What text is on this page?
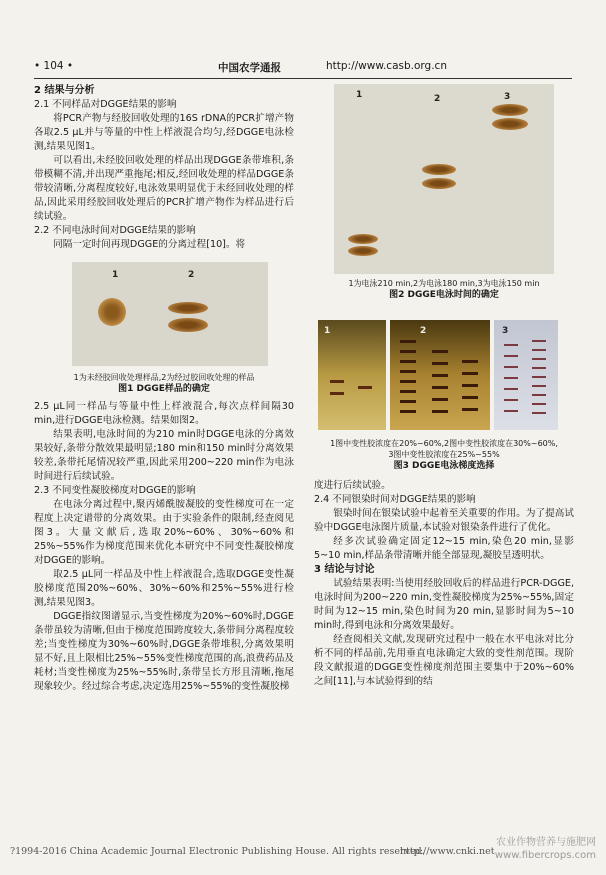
• 104 •	中国农学通报	http://www.casb.org.cn

2 结果与分析

2.1 不同样品对DGGE结果的影响

将PCR产物与经胶回收处理的16S rDNA的PCR扩增产物各取2.5 μL并与等量的中性上样液混合均匀,经DGGE电泳检测,结果见图1。

可以看出,未经胶回收处理的样品出现DGGE条带堆积,条带模糊不清,并出现严重拖尾;相反,经回收处理的样品DGGE条带较清晰,分离程度较好,电泳效果明显优于未经回收处理的样品,因此采用经胶回收处理后的PCR扩增产物作为样品进行后续试验。

2.2 不同电泳时间对DGGE结果的影响

同隔一定时间再现DGGE的分离过程[10]。将

1	2
1为未经胶回收处理样品,2为经过胶回收处理的样品
图1 DGGE样品的确定

2.5 μL同一样品与等量中性上样液混合,每次点样间隔30 min,进行DGGE电泳检测。结果如图2。

结果表明,电泳时间的为210 min时DGGE电泳的分离效果较好,条带分散效果最明显;180 min和150 min时分离效果较差,条带托尾情况较严重,因此采用200~220 min作为电泳时间进行后续试验。

2.3 不同变性凝胶梯度对DGGE的影响

在电泳分离过程中,聚丙烯酰胺凝胶的变性梯度可在一定程度上决定谱带的分离效果。由于实验条件的限制,经查阅见图3。大量文献后,选取20%~60%、30%~60%和25%~55%作为梯度范围来优化本研究中不同变性凝胶梯度对DGGE的影响。

取2.5 μL同一样品及中性上样液混合,选取DGGE变性凝胶梯度范围20%~60%、30%~60%和25%~55%进行检测,结果见图3。

DGGE指纹图谱显示,当变性梯度为20%~60%时,DGGE条带虽较为清晰,但由于梯度范围跨度较大,条带间分离程度较差;当变性梯度为30%~60%时,DGGE条带堆积,分离效果明显不好,且上限相比25%~55%变性梯度范围的高,浪费药品及耗材;当变性梯度为25%~55%时,条带呈长方形且清晰,拖尾现象较少。经过综合考虑,决定选用25%~55%的变性凝胶梯

1	2	3
1为电泳210 min,2为电泳180 min,3为电泳150 min
图2 DGGE电泳时间的确定
1	2	3
1图中变性胶浓度在20%~60%,2图中变性胶浓度在30%~60%,
3图中变性胶浓度在25%~55%
图3 DGGE电泳梯度选择

度进行后续试验。

2.4 不同银染时间对DGGE结果的影响

银染时间在银染试验中起着至关重要的作用。为了提高试验中DGGE电泳图片质量,本试验对银染条件进行了优化。

经多次试验确定固定12~15 min,染色20 min,显影5~10 min,样品条带清晰并能全部显现,凝胶呈透明状。

3 结论与讨论

试验结果表明:当使用经胶回收后的样品进行PCR-DGGE,电泳时间为200~220 min,变性凝胶梯度为25%~55%,固定时间为12~15 min,染色时间为20 min,显影时间为5~10 min时,得到电泳和分离效果最好。

经查阅相关文献,发现研究过程中一般在水平电泳对比分析不同的样品前,先用垂直电泳确定大致的变性剂范围。现阶段文献报道的DGGE变性梯度剂范围主要集中于20%~60%之间[11],与本试验得到的结

?1994-2016 China Academic Journal Electronic Publishing House. All rights reserved.
http://www.cnki.net
农业作物营养与施肥网
www.fibercrops.com
